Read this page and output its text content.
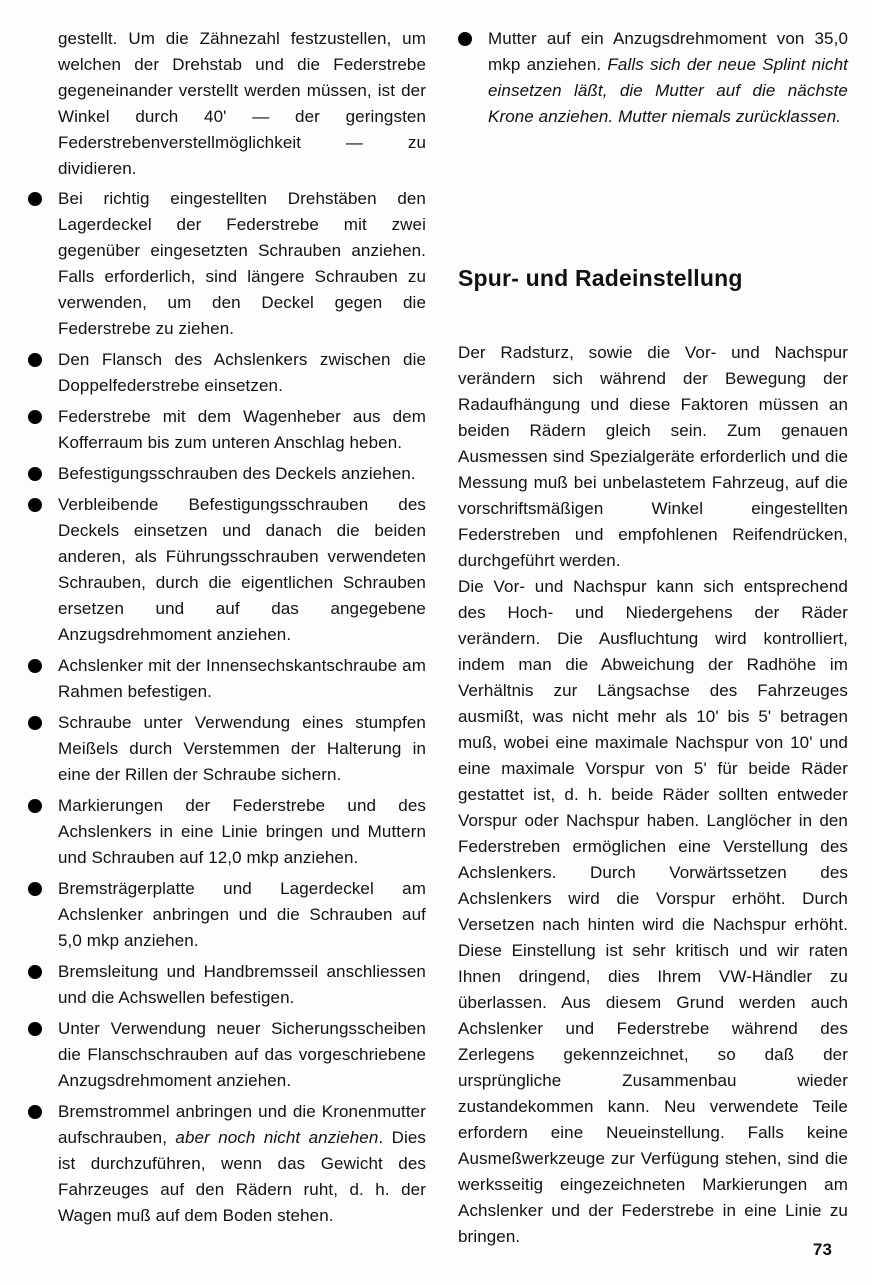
gestellt. Um die Zähnezahl festzustellen, um welchen der Drehstab und die Federstrebe gegeneinander verstellt werden müssen, ist der Winkel durch 40' — der geringsten Federstrebenverstellmöglichkeit — zu dividieren.

Bei richtig eingestellten Drehstäben den Lagerdeckel der Federstrebe mit zwei gegenüber eingesetzten Schrauben anziehen. Falls erforderlich, sind längere Schrauben zu verwenden, um den Deckel gegen die Federstrebe zu ziehen.
Den Flansch des Achslenkers zwischen die Doppelfederstrebe einsetzen.
Federstrebe mit dem Wagenheber aus dem Kofferraum bis zum unteren Anschlag heben.
Befestigungsschrauben des Deckels anziehen.
Verbleibende Befestigungsschrauben des Deckels einsetzen und danach die beiden anderen, als Führungsschrauben verwendeten Schrauben, durch die eigentlichen Schrauben ersetzen und auf das angegebene Anzugsdrehmoment anziehen.
Achslenker mit der Innensechskantschraube am Rahmen befestigen.
Schraube unter Verwendung eines stumpfen Meißels durch Verstemmen der Halterung in eine der Rillen der Schraube sichern.
Markierungen der Federstrebe und des Achslenkers in eine Linie bringen und Muttern und Schrauben auf 12,0 mkp anziehen.
Bremsträgerplatte und Lagerdeckel am Achslenker anbringen und die Schrauben auf 5,0 mkp anziehen.
Bremsleitung und Handbremsseil anschliessen und die Achswellen befestigen.
Unter Verwendung neuer Sicherungsscheiben die Flanschschrauben auf das vorgeschriebene Anzugsdrehmoment anziehen.
Bremstrommel anbringen und die Kronenmutter aufschrauben, aber noch nicht anziehen. Dies ist durchzuführen, wenn das Gewicht des Fahrzeuges auf den Rädern ruht, d. h. der Wagen muß auf dem Boden stehen.
Mutter auf ein Anzugsdrehmoment von 35,0 mkp anziehen. Falls sich der neue Splint nicht einsetzen läßt, die Mutter auf die nächste Krone anziehen. Mutter niemals zurücklassen.
Spur- und Radeinstellung

Der Radsturz, sowie die Vor- und Nachspur verändern sich während der Bewegung der Radaufhängung und diese Faktoren müssen an beiden Rädern gleich sein. Zum genauen Ausmessen sind Spezialgeräte erforderlich und die Messung muß bei unbelastetem Fahrzeug, auf die vorschriftsmäßigen Winkel eingestellten Federstreben und empfohlenen Reifendrücken, durchgeführt werden.

Die Vor- und Nachspur kann sich entsprechend des Hoch- und Niedergehens der Räder verändern. Die Ausfluchtung wird kontrolliert, indem man die Abweichung der Radhöhe im Verhältnis zur Längsachse des Fahrzeuges ausmißt, was nicht mehr als 10' bis 5' betragen muß, wobei eine maximale Nachspur von 10' und eine maximale Vorspur von 5' für beide Räder gestattet ist, d. h. beide Räder sollten entweder Vorspur oder Nachspur haben. Langlöcher in den Federstreben ermöglichen eine Verstellung des Achslenkers. Durch Vorwärtssetzen des Achslenkers wird die Vorspur erhöht. Durch Versetzen nach hinten wird die Nachspur erhöht. Diese Einstellung ist sehr kritisch und wir raten Ihnen dringend, dies Ihrem VW-Händler zu überlassen. Aus diesem Grund werden auch Achslenker und Federstrebe während des Zerlegens gekennzeichnet, so daß der ursprüngliche Zusammenbau wieder zustandekommen kann. Neu verwendete Teile erfordern eine Neueinstellung. Falls keine Ausmeßwerkzeuge zur Verfügung stehen, sind die werksseitig eingezeichneten Markierungen am Achslenker und der Federstrebe in eine Linie zu bringen.

73
